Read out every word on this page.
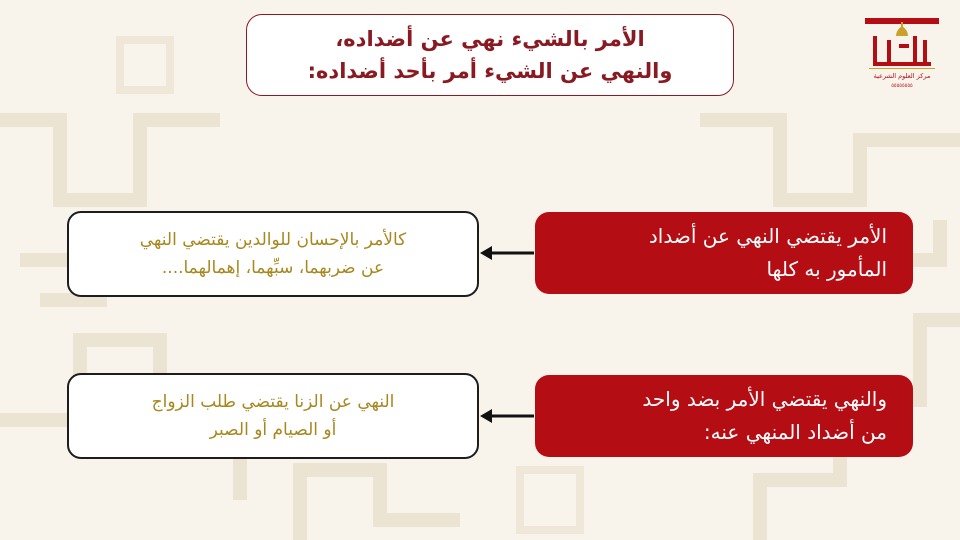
مركز العلوم الشرعية
٥٥٥٥٥٥٥٥
الأمر بالشيء نهي عن أضداده،
والنهي عن الشيء أمر بأحد أضداده:
الأمر يقتضي النهي عن أضداد
المأمور به كلها
كالأمر بالإحسان للوالدين يقتضي النهي
عن ضربهما، سبِّهما، إهمالهما....
والنهي يقتضي الأمر بضد واحد
من أضداد المنهي عنه:
النهي عن الزنا يقتضي طلب الزواج
أو الصيام أو الصبر
